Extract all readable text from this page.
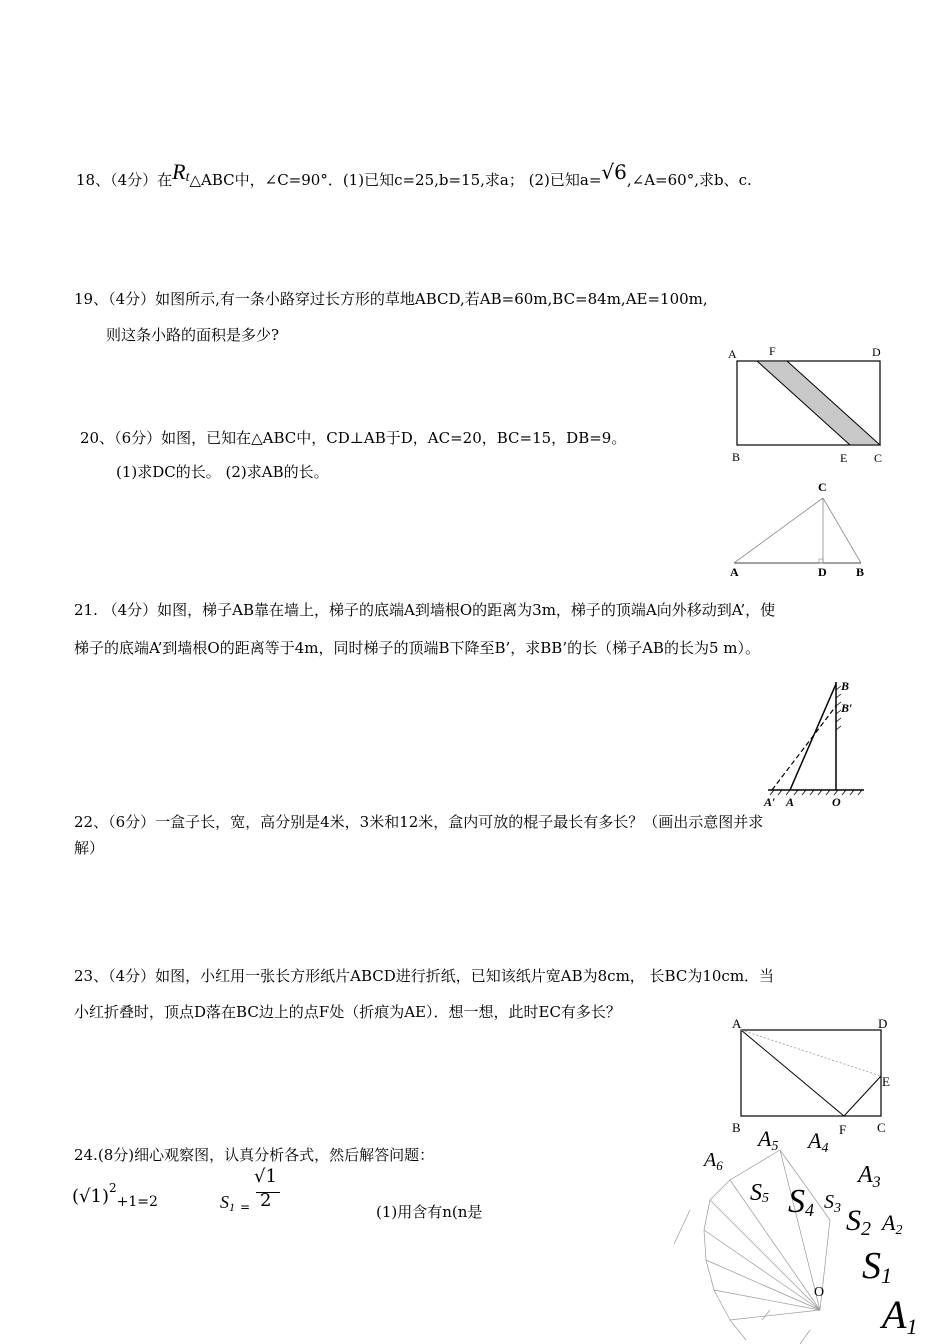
18、（4分）在Rt△ABC中，∠C=90°．(1)已知c=25,b=15,求a； (2)已知a=√6,∠A=60°,求b、c.
19、（4分）如图所示,有一条小路穿过长方形的草地ABCD,若AB=60m,BC=84m,AE=100m,
则这条小路的面积是多少?
A	F	D
B	E C
20、（6分）如图，已知在△ABC中，CD⊥AB于D，AC=20，BC=15，DB=9。
(1)求DC的长。 (2)求AB的长。
C
A	D B
21. （4分）如图，梯子AB靠在墙上，梯子的底端A到墙根O的距离为3m，梯子的顶端A向外移动到A’，使
梯子的底端A’到墙根O的距离等于4m，同时梯子的顶端B下降至B’，求BB’的长（梯子AB的长为5 m）。
B
B′
A′ A	O
22、（6分）一盒子长，宽，高分别是4米，3米和12米，盒内可放的棍子最长有多长？（画出示意图并求
解）
23、（4分）如图，小红用一张长方形纸片ABCD进行折纸，已知该纸片宽AB为8cm， 长BC为10cm．当
小红折叠时，顶点D落在BC边上的点F处（折痕为AE）．想一想，此时EC有多长？
A	D
E
B	F C
24.(8分)细心观察图，认真分析各式，然后解答问题：
$(√1)^2_{+1=2}$	S1 =
√1
2
(1)用含有n(n是
A5 A4
$A_6$	$A_3$
S5 S4 $S_3$ S2 A2
S1
O A1
